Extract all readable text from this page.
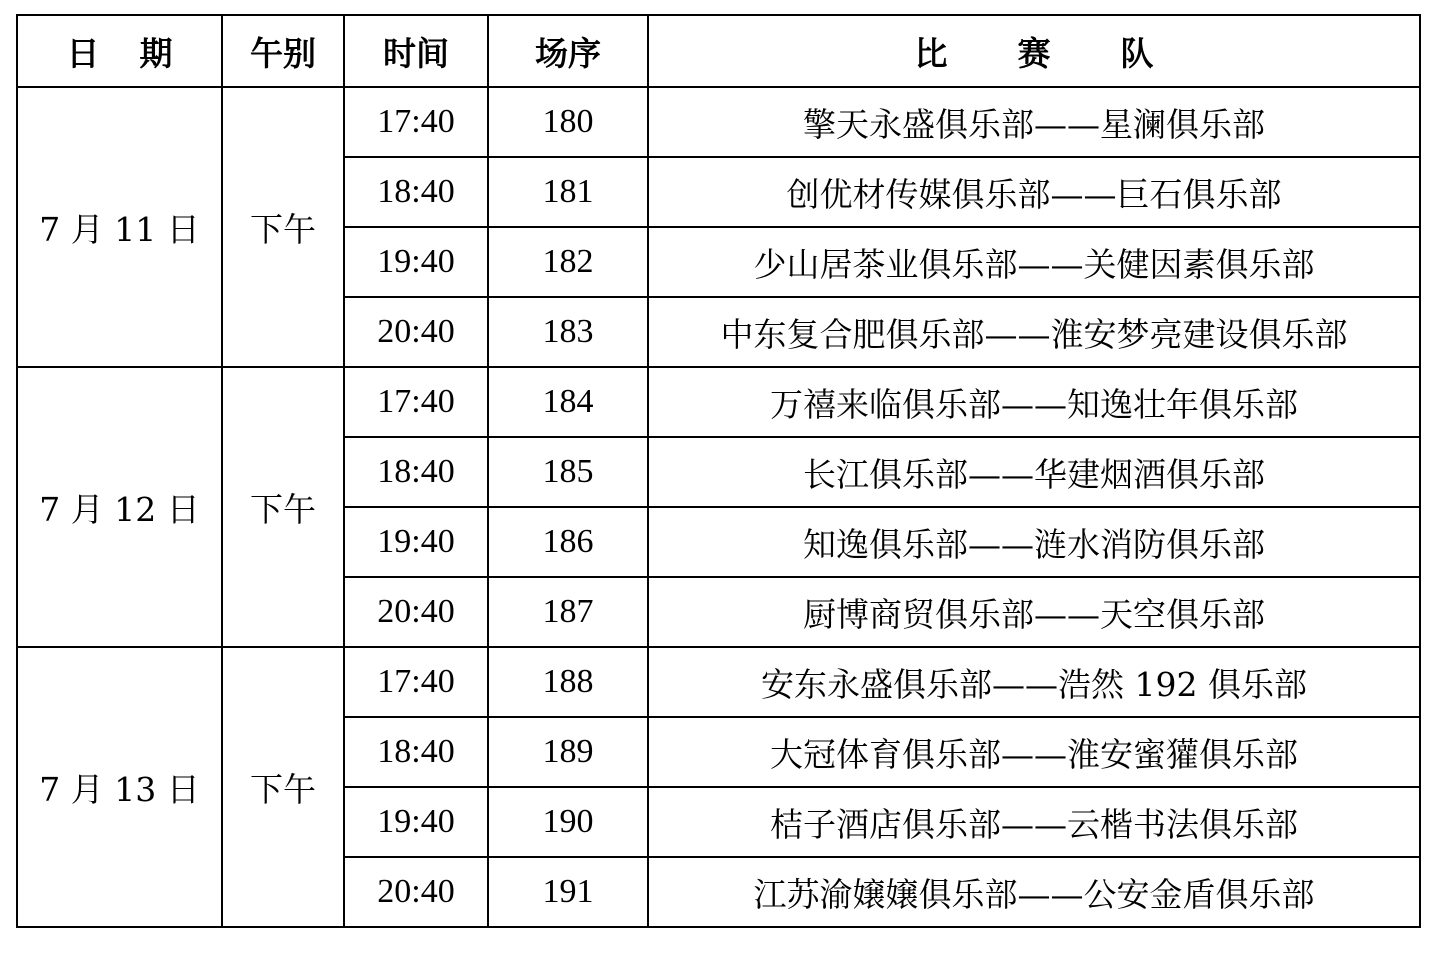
日 期	午别	时间	场序	比 赛 队
7 月 11 日	下午	17:40	180	擎天永盛俱乐部——星澜俱乐部
		18:40	181	创优材传媒俱乐部——巨石俱乐部
		19:40	182	少山居茶业俱乐部——关健因素俱乐部
		20:40	183	中东复合肥俱乐部——淮安梦亮建设俱乐部
7 月 12 日	下午	17:40	184	万禧来临俱乐部——知逸壮年俱乐部
		18:40	185	长江俱乐部——华建烟酒俱乐部
		19:40	186	知逸俱乐部——涟水消防俱乐部
		20:40	187	厨博商贸俱乐部——天空俱乐部
7 月 13 日	下午	17:40	188	安东永盛俱乐部——浩然 192 俱乐部
		18:40	189	大冠体育俱乐部——淮安蜜獾俱乐部
		19:40	190	桔子酒店俱乐部——云楷书法俱乐部
		20:40	191	江苏渝嬢嬢俱乐部——公安金盾俱乐部
